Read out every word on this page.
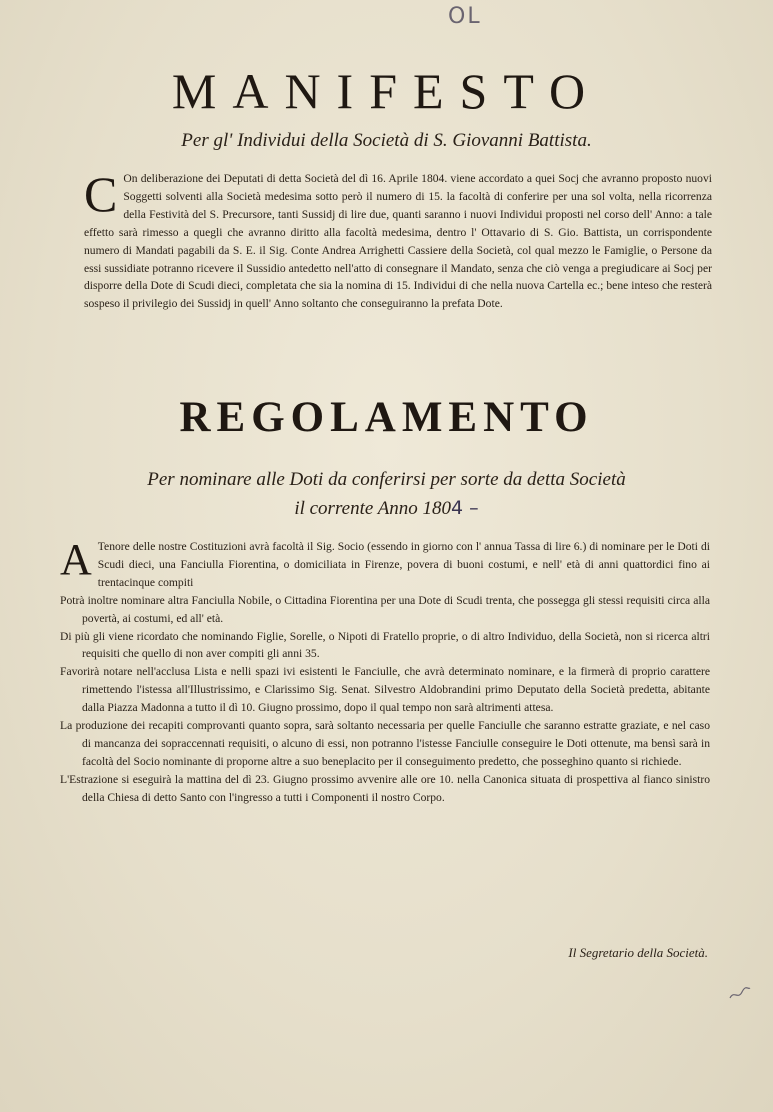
OL
MANIFESTO
Per gl' Individui della Società di S. Giovanni Battista.
C On deliberazione dei Deputati di detta Società del dì 16. Aprile 1804. viene accordato a quei Socj che avranno proposto nuovi Soggetti solventi alla Società medesima sotto però il numero di 15. la facoltà di conferire per una sol volta, nella ricorrenza della Festività del S. Precursore, tanti Sussidj di lire due, quanti saranno i nuovi Individui proposti nel corso dell' Anno: a tale effetto sarà rimesso a quegli che avranno diritto alla facoltà medesima, dentro l' Ottavario di S. Gio. Battista, un corrispondente numero di Mandati pagabili da S. E. il Sig. Conte Andrea Arrighetti Cassiere della Società, col qual mezzo le Famiglie, o Persone da essi sussidiate potranno ricevere il Sussidio antedetto nell'atto di consegnare il Mandato, senza che ciò venga a pregiudicare ai Socj per disporre della Dote di Scudi dieci, completata che sia la nomina di 15. Individui di che nella nuova Cartella ec.; bene inteso che resterà sospeso il privilegio dei Sussidj in quell' Anno soltanto che conseguiranno la prefata Dote.
REGOLAMENTO
Per nominare alle Doti da conferirsi per sorte da detta Società
il corrente Anno 1804 –

A Tenore delle nostre Costituzioni avrà facoltà il Sig. Socio (essendo in giorno con l' annua Tassa di lire 6.) di nominare per le Doti di Scudi dieci, una Fanciulla Fiorentina, o domiciliata in Firenze, povera di buoni costumi, e nell' età di anni quattordici fino ai trentacinque compiti

Potrà inoltre nominare altra Fanciulla Nobile, o Cittadina Fiorentina per una Dote di Scudi trenta, che possegga gli stessi requisiti circa alla povertà, ai costumi, ed all' età.

Di più gli viene ricordato che nominando Figlie, Sorelle, o Nipoti di Fratello proprie, o di altro Individuo, della Società, non si ricerca altri requisiti che quello di non aver compiti gli anni 35.

Favorirà notare nell'acclusa Lista e nelli spazi ivi esistenti le Fanciulle, che avrà determinato nominare, e la firmerà di proprio carattere rimettendo l'istessa all'Illustrissimo, e Clarissimo Sig. Senat. Silvestro Aldobrandini primo Deputato della Società predetta, abitante dalla Piazza Madonna a tutto il dì 10. Giugno prossimo, dopo il qual tempo non sarà altrimenti attesa.

La produzione dei recapiti comprovanti quanto sopra, sarà soltanto necessaria per quelle Fanciulle che saranno estratte graziate, e nel caso di mancanza dei sopraccennati requisiti, o alcuno di essi, non potranno l'istesse Fanciulle conseguire le Doti ottenute, ma bensì sarà in facoltà del Socio nominante di proporne altre a suo beneplacito per il conseguimento predetto, che posseghino quanto si richiede.

L'Estrazione si eseguirà la mattina del dì 23. Giugno prossimo avvenire alle ore 10. nella Canonica situata di prospettiva al fianco sinistro della Chiesa di detto Santo con l'ingresso a tutti i Componenti il nostro Corpo.

Il Segretario della Società.
